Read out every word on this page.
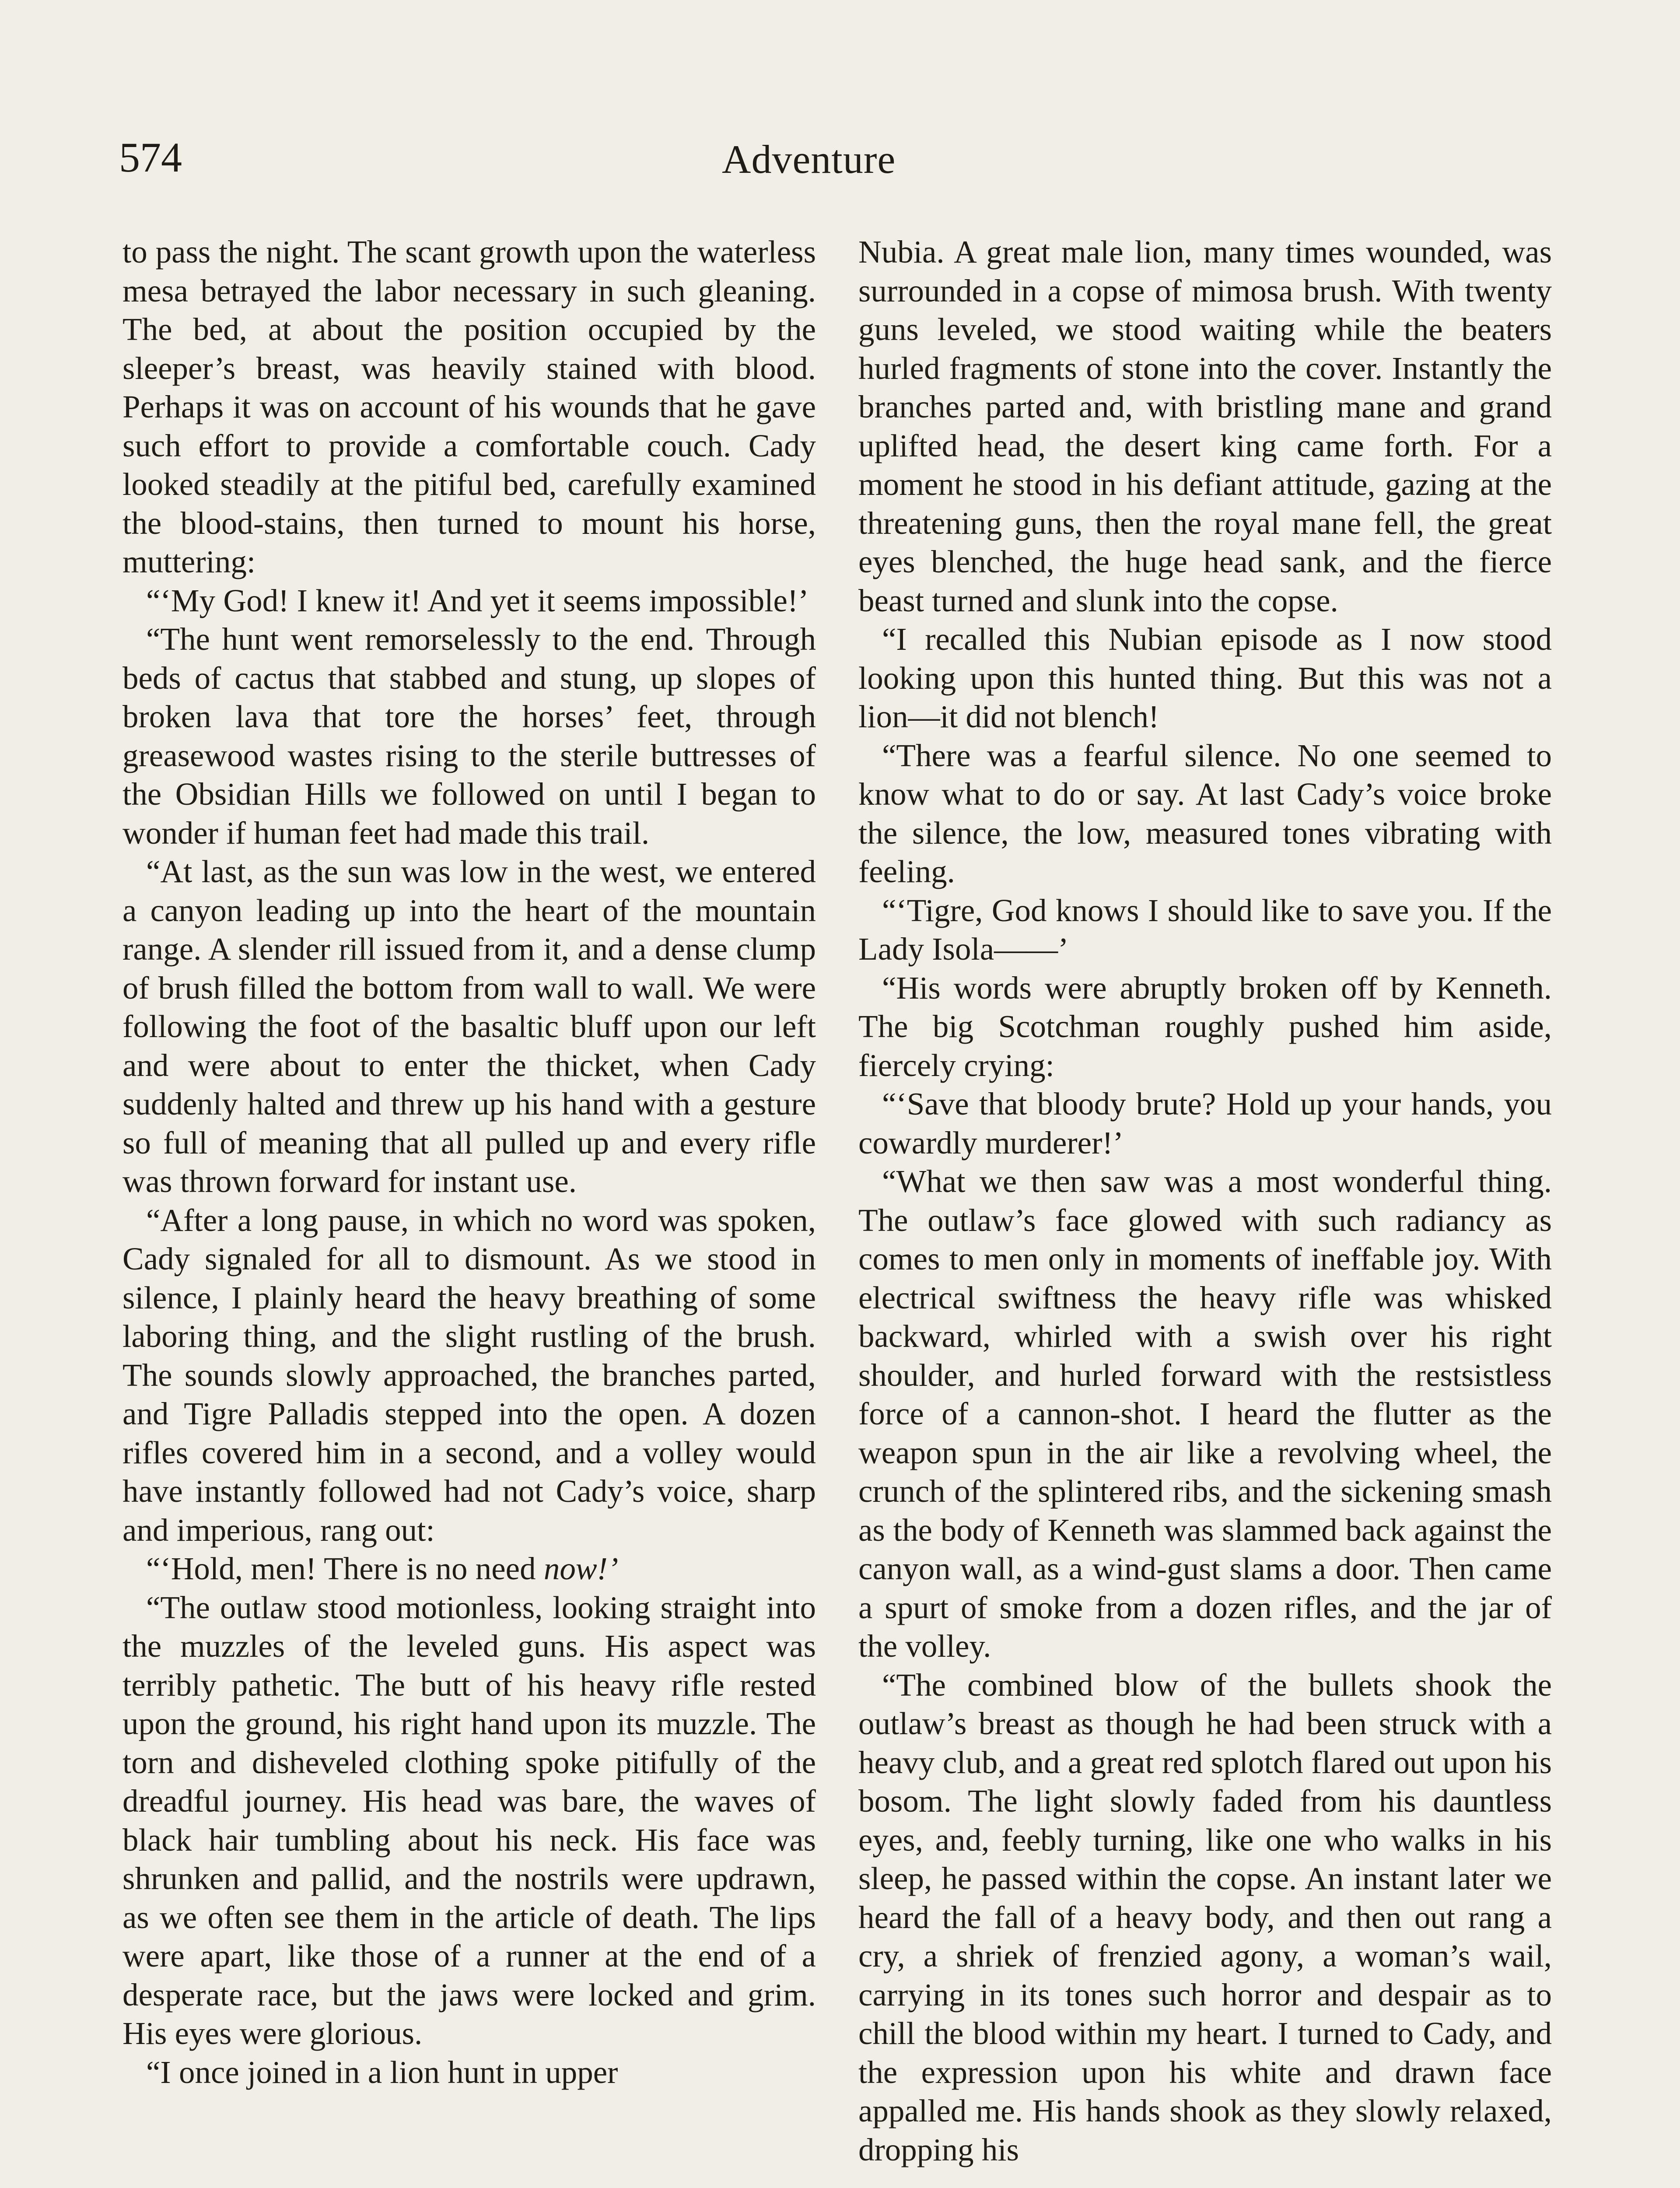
574	Adventure

to pass the night. The scant growth upon the waterless mesa betrayed the labor necessary in such gleaning. The bed, at about the position occupied by the sleeper’s breast, was heavily stained with blood. Perhaps it was on account of his wounds that he gave such effort to provide a comfortable couch. Cady looked steadily at the pitiful bed, carefully examined the blood-stains, then turned to mount his horse, muttering:

“‘My God! I knew it! And yet it seems impossible!’

“The hunt went remorselessly to the end. Through beds of cactus that stabbed and stung, up slopes of broken lava that tore the horses’ feet, through greasewood wastes rising to the sterile buttresses of the Obsidian Hills we followed on until I began to wonder if human feet had made this trail.

“At last, as the sun was low in the west, we entered a canyon leading up into the heart of the mountain range. A slender rill issued from it, and a dense clump of brush filled the bottom from wall to wall. We were following the foot of the basaltic bluff upon our left and were about to enter the thicket, when Cady suddenly halted and threw up his hand with a gesture so full of meaning that all pulled up and every rifle was thrown forward for instant use.

“After a long pause, in which no word was spoken, Cady signaled for all to dismount. As we stood in silence, I plainly heard the heavy breathing of some laboring thing, and the slight rustling of the brush. The sounds slowly approached, the branches parted, and Tigre Palladis stepped into the open. A dozen rifles covered him in a second, and a volley would have instantly followed had not Cady’s voice, sharp and imperious, rang out:

“‘Hold, men! There is no need now!’

“The outlaw stood motionless, looking straight into the muzzles of the leveled guns. His aspect was terribly pathetic. The butt of his heavy rifle rested upon the ground, his right hand upon its muzzle. The torn and disheveled clothing spoke pitifully of the dreadful journey. His head was bare, the waves of black hair tumbling about his neck. His face was shrunken and pallid, and the nostrils were updrawn, as we often see them in the article of death. The lips were apart, like those of a runner at the end of a desperate race, but the jaws were locked and grim. His eyes were glorious.

“I once joined in a lion hunt in upper

Nubia. A great male lion, many times wounded, was surrounded in a copse of mimosa brush. With twenty guns leveled, we stood waiting while the beaters hurled fragments of stone into the cover. Instantly the branches parted and, with bristling mane and grand uplifted head, the desert king came forth. For a moment he stood in his defiant attitude, gazing at the threatening guns, then the royal mane fell, the great eyes blenched, the huge head sank, and the fierce beast turned and slunk into the copse.

“I recalled this Nubian episode as I now stood looking upon this hunted thing. But this was not a lion—it did not blench!

“There was a fearful silence. No one seemed to know what to do or say. At last Cady’s voice broke the silence, the low, measured tones vibrating with feeling.

“‘Tigre, God knows I should like to save you. If the Lady Isola——’

“His words were abruptly broken off by Kenneth. The big Scotchman roughly pushed him aside, fiercely crying:

“‘Save that bloody brute? Hold up your hands, you cowardly murderer!’

“What we then saw was a most wonderful thing. The outlaw’s face glowed with such radiancy as comes to men only in moments of ineffable joy. With electrical swiftness the heavy rifle was whisked backward, whirled with a swish over his right shoulder, and hurled forward with the restsistless force of a cannon-shot. I heard the flutter as the weapon spun in the air like a revolving wheel, the crunch of the splintered ribs, and the sickening smash as the body of Kenneth was slammed back against the canyon wall, as a wind-gust slams a door. Then came a spurt of smoke from a dozen rifles, and the jar of the volley.

“The combined blow of the bullets shook the outlaw’s breast as though he had been struck with a heavy club, and a great red splotch flared out upon his bosom. The light slowly faded from his dauntless eyes, and, feebly turning, like one who walks in his sleep, he passed within the copse. An instant later we heard the fall of a heavy body, and then out rang a cry, a shriek of frenzied agony, a woman’s wail, carrying in its tones such horror and despair as to chill the blood within my heart. I turned to Cady, and the expression upon his white and drawn face appalled me. His hands shook as they slowly relaxed, dropping his
